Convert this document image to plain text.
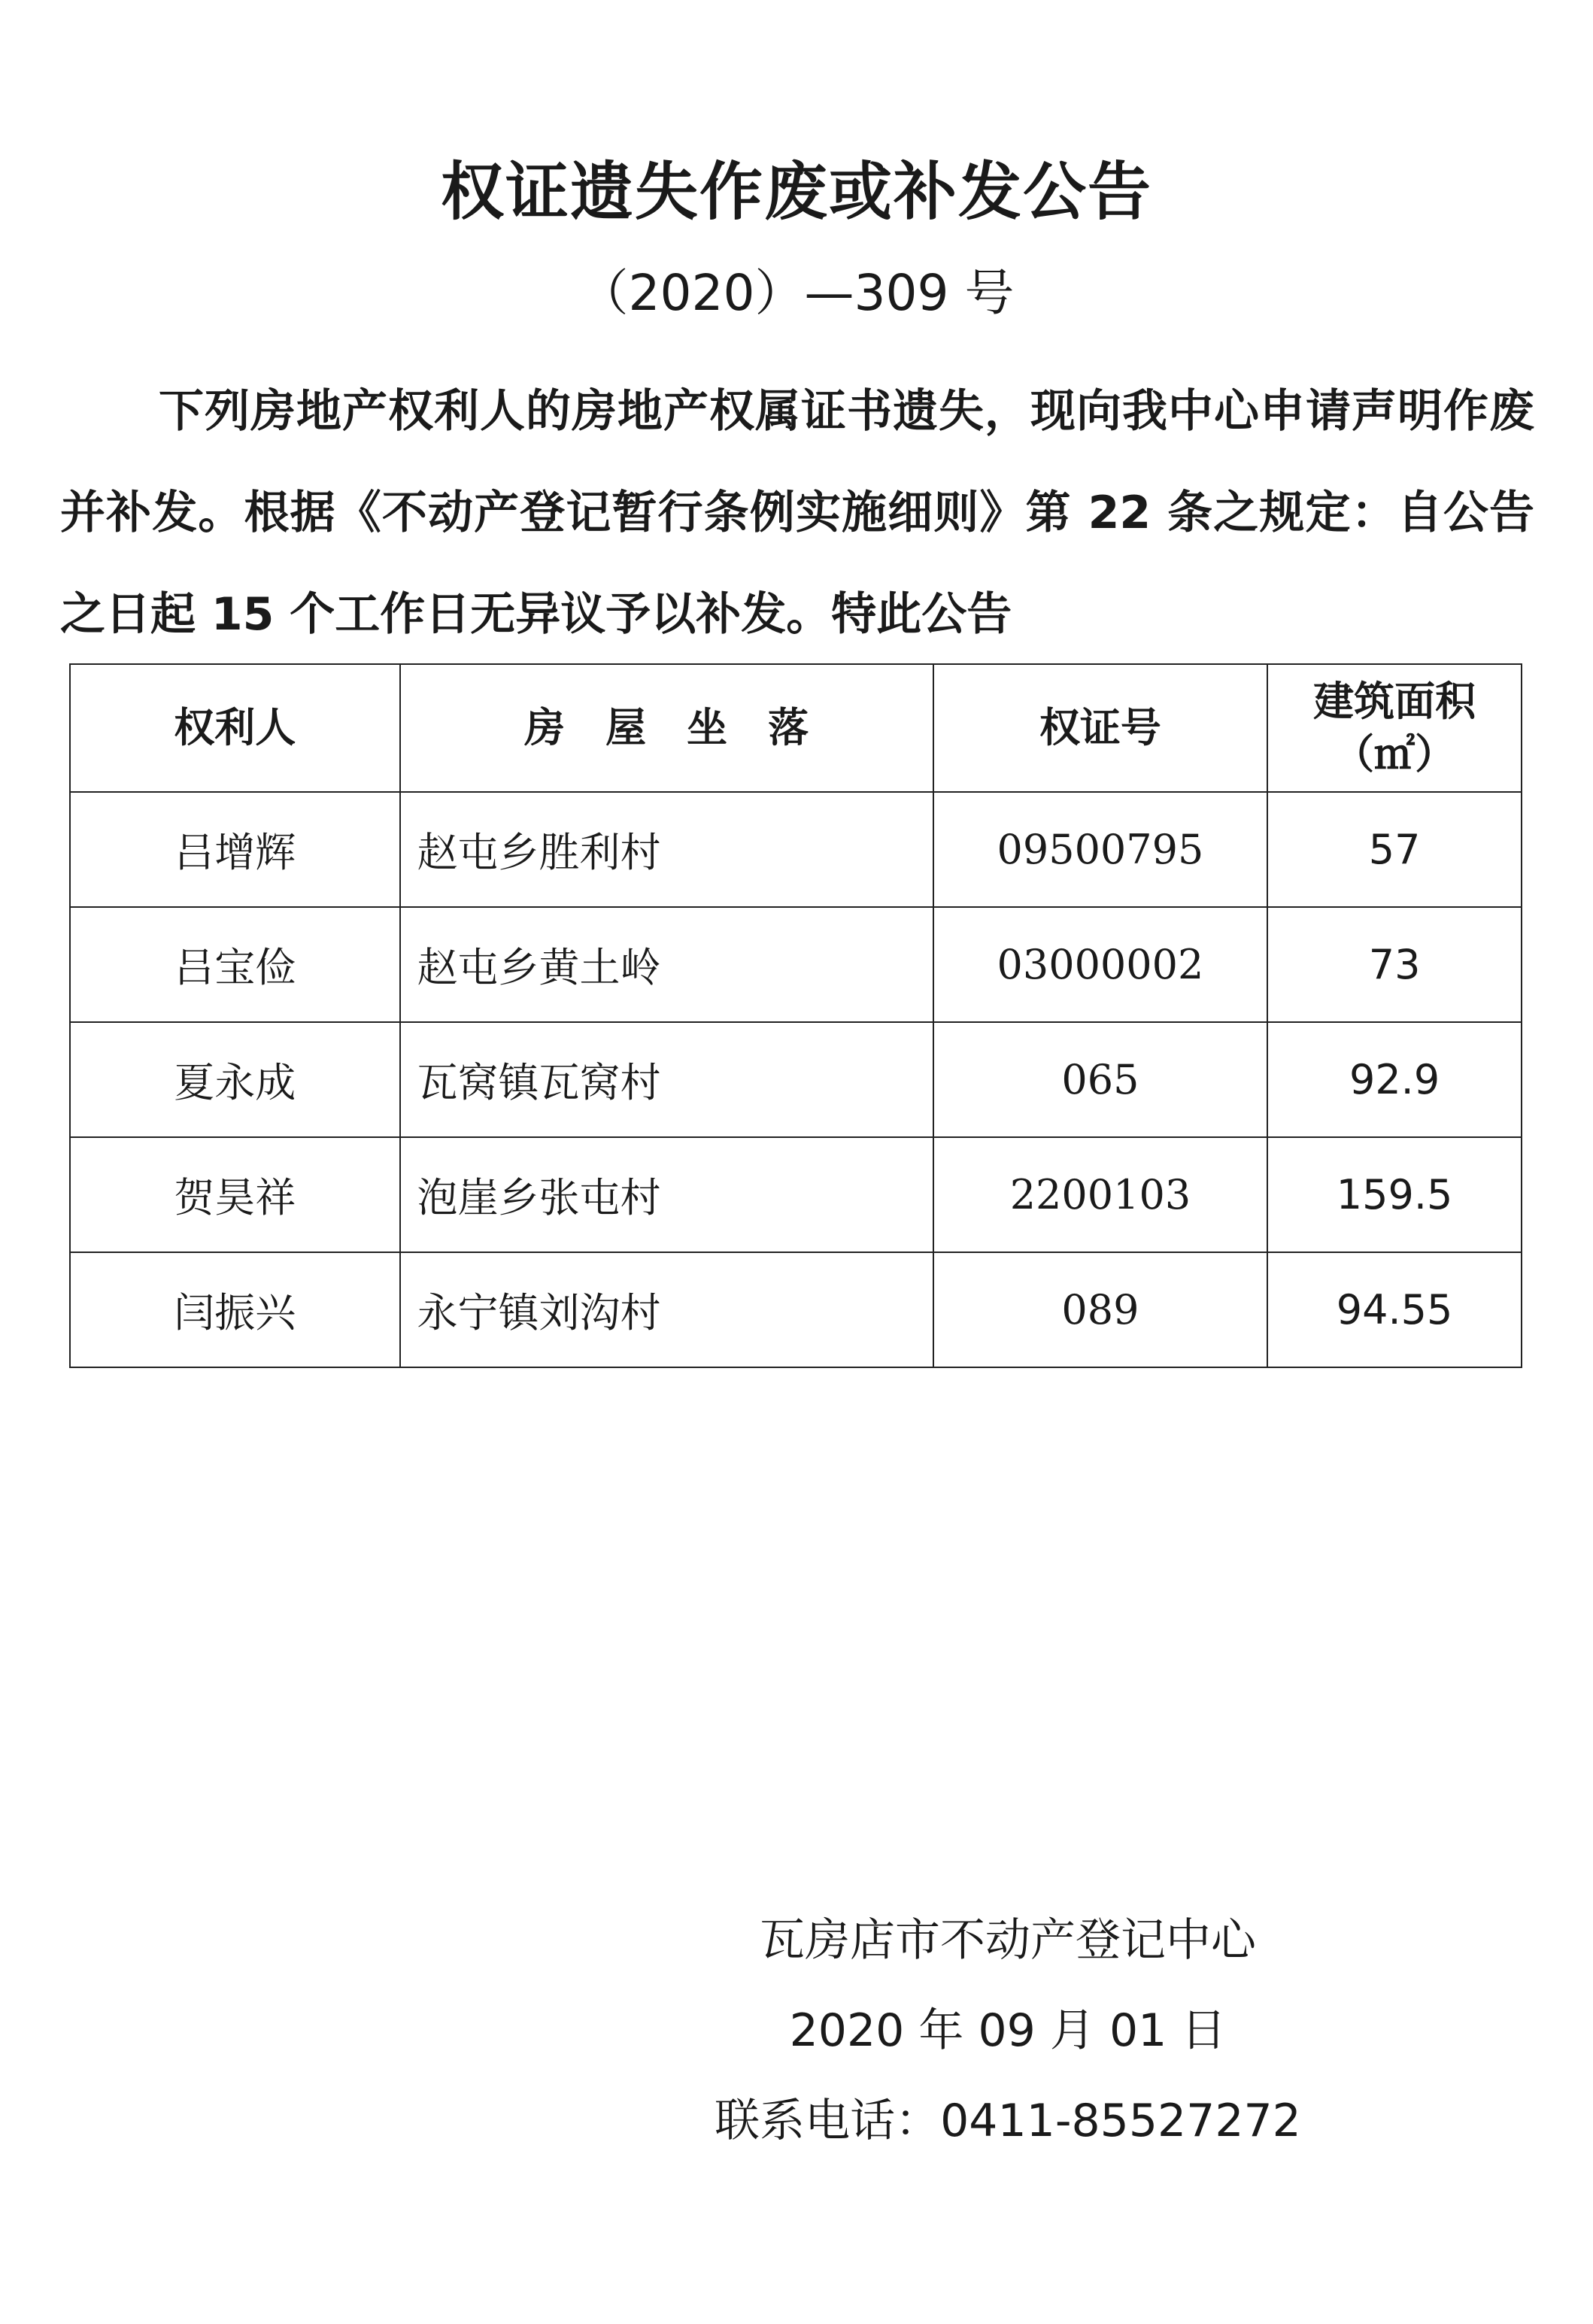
权证遗失作废或补发公告
（2020）—309 号
下列房地产权利人的房地产权属证书遗失，现向我中心申请声明作废并补发。根据《不动产登记暂行条例实施细则》第 22 条之规定：自公告之日起 15 个工作日无异议予以补发。特此公告
权利人	房　屋　坐　落	权证号	建筑面积
（㎡）
吕增辉	赵屯乡胜利村	09500795	57
吕宝俭	赵屯乡黄土岭	03000002	73
夏永成	瓦窝镇瓦窝村	065	92.9
贺昊祥	泡崖乡张屯村	2200103	159.5
闫振兴	永宁镇刘沟村	089	94.55
瓦房店市不动产登记中心
2020 年 09 月 01 日
联系电话：0411-85527272
